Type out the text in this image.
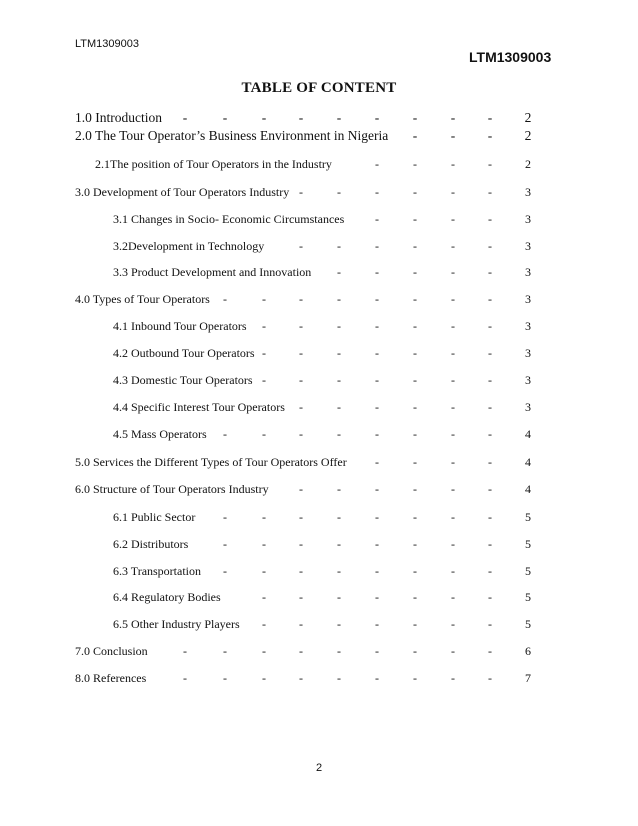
LTM1309003
LTM1309003
TABLE OF CONTENT
1.0 Introduction -	-	- - - - - - -	2
2.0 The Tour Operator’s Business Environment in Nigeria - - -	2
2.1The position of Tour Operators in the Industry	-	-	-	-	2
3.0 Development of Tour Operators Industry -	-	-	-	-	-	3
3.1 Changes in Socio- Economic Circumstances	-	-	-	-	3
3.2Development in Technology	-	-	-	-	-	-	3
3.3 Product Development and Innovation -	-	-	-	-	3
4.0 Types of Tour Operators -	-	-	-	-	-	-	-	3
4.1 Inbound Tour Operators -	-	-	-	-	-	-	3
4.2 Outbound Tour Operators -	-	-	-	-	-	-	3
4.3 Domestic Tour Operators -	-	-	-	-	-	-	3
4.4 Specific Interest Tour Operators -	-	-	-	-	-	3
4.5 Mass Operators -	-	-	-	-	-	-	-	4
5.0 Services the Different Types of Tour Operators Offer -	-	-	-	4
6.0 Structure of Tour Operators Industry	-	-	-	-	-	-	4
6.1 Public Sector -	-	-	-	-	-	-	-	5
6.2 Distributors	-	-	-	-	-	-	-	-	5
6.3 Transportation -	-	-	-	-	-	-	-	5
6.4 Regulatory Bodies	-	-	-	-	-	-	-	5
6.5 Other Industry Players -	-	-	-	-	-	-	5
7.0 Conclusion	-	-	-	-	-	-	-	-	-	6
8.0 References	-	-	-	-	-	-	-	-	-	7
2
